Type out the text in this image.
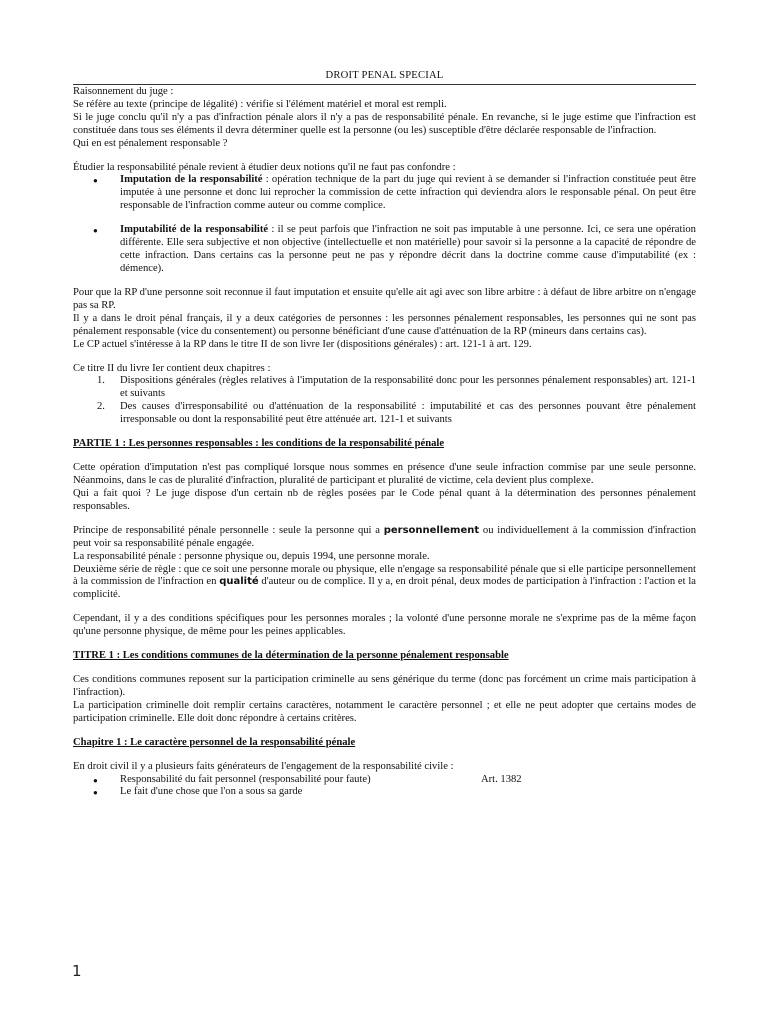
DROIT PENAL SPECIAL

Raisonnement du juge :

Se réfère au texte (principe de légalité) : vérifie si l'élément matériel et moral est rempli.

Si le juge conclu qu'il n'y a pas d'infraction pénale alors il n'y a pas de responsabilité pénale. En revanche, si le juge estime que l'infraction est constituée dans tous ses éléments il devra déterminer quelle est la personne (ou les) susceptible d'être déclarée responsable de l'infraction.

Qui en est pénalement responsable ?

Étudier la responsabilité pénale revient à étudier deux notions qu'il ne faut pas confondre :

● Imputation de la responsabilité : opération technique de la part du juge qui revient à se demander si l'infraction constituée peut être imputée à une personne et donc lui reprocher la commission de cette infraction qui deviendra alors le responsable pénal. On peut être responsable de l'infraction comme auteur ou comme complice.
● Imputabilité de la responsabilité : il se peut parfois que l'infraction ne soit pas imputable à une personne. Ici, ce sera une opération différente. Elle sera subjective et non objective (intellectuelle et non matérielle) pour savoir si la personne a la capacité de répondre de cette infraction. Dans certains cas la personne peut ne pas y répondre décrit dans la doctrine comme cause d'imputabilité (ex : démence).

Pour que la RP d'une personne soit reconnue il faut imputation et ensuite qu'elle ait agi avec son libre arbitre : à défaut de libre arbitre on n'engage pas sa RP.

Il y a dans le droit pénal français, il y a deux catégories de personnes : les personnes pénalement responsables, les personnes qui ne sont pas pénalement responsable (vice du consentement) ou personne bénéficiant d'une cause d'atténuation de la RP (mineurs dans certains cas).

Le CP actuel s'intéresse à la RP dans le titre II de son livre Ier (dispositions générales) : art. 121-1 à art. 129.

Ce titre II du livre Ier contient deux chapitres :

1. Dispositions générales (règles relatives à l'imputation de la responsabilité donc pour les personnes pénalement responsables) art. 121-1 et suivants
2. Des causes d'irresponsabilité ou d'atténuation de la responsabilité : imputabilité et cas des personnes pouvant être pénalement irresponsable ou dont la responsabilité peut être atténuée art. 121-1 et suivants

PARTIE 1 : Les personnes responsables : les conditions de la responsabilité pénale

Cette opération d'imputation n'est pas compliqué lorsque nous sommes en présence d'une seule infraction commise par une seule personne. Néanmoins, dans le cas de pluralité d'infraction, pluralité de participant et pluralité de victime, cela devient plus complexe.

Qui a fait quoi ? Le juge dispose d'un certain nb de règles posées par le Code pénal quant à la détermination des personnes pénalement responsables.

Principe de responsabilité pénale personnelle : seule la personne qui a personnellement ou individuellement à la commission d'infraction peut voir sa responsabilité pénale engagée.

La responsabilité pénale : personne physique ou, depuis 1994, une personne morale.

Deuxième série de règle : que ce soit une personne morale ou physique, elle n'engage sa responsabilité pénale que si elle participe personnellement à la commission de l'infraction en qualité d'auteur ou de complice. Il y a, en droit pénal, deux modes de participation à l'infraction : l'action et la complicité.

Cependant, il y a des conditions spécifiques pour les personnes morales ; la volonté d'une personne morale ne s'exprime pas de la même façon qu'une personne physique, de même pour les peines applicables.

TITRE 1 : Les conditions communes de la détermination de la personne pénalement responsable

Ces conditions communes reposent sur la participation criminelle au sens générique du terme (donc pas forcément un crime mais participation à l'infraction).

La participation criminelle doit remplir certains caractères, notamment le caractère personnel ; et elle ne peut adopter que certains modes de participation criminelle. Elle doit donc répondre à certains critères.

Chapitre 1 : Le caractère personnel de la responsabilité pénale

En droit civil il y a plusieurs faits générateurs de l'engagement de la responsabilité civile :

● Responsabilité du fait personnel (responsabilité pour faute)	Art. 1382
● Le fait d'une chose que l'on a sous sa garde
1
